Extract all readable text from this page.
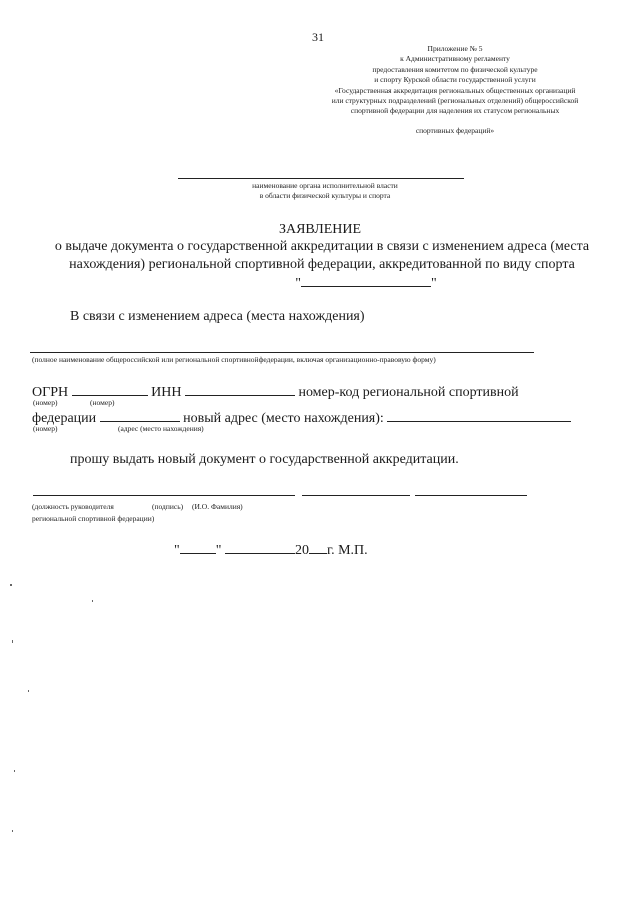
31
Приложение № 5
к Административному регламенту
предоставления комитетом по физической культуре
и спорту Курской области государственной услуги
«Государственная аккредитация региональных общественных организаций
или структурных подразделений (региональных отделений) общероссийской
спортивной федерации для наделения их статусом региональных
спортивных федераций»
наименование органа исполнительной власти
в области физической культуры и спорта
ЗАЯВЛЕНИЕ
о выдаче документа о государственной аккредитации в связи с изменением адреса (места
нахождения) региональной спортивной федерации, аккредитованной по виду спорта
"	"
В связи с изменением адреса (места нахождения)
(полное наименование общероссийской или региональной спортивнойфедерации, включая организационно-правовую форму)
ОГРН	ИНН	номер-код региональной спортивной
(номер)	(номер)
федерации	новый адрес (место нахождения):
(номер)	(адрес (место нахождения)
прошу выдать новый документ о государственной аккредитации.
(должность руководителя	(подпись) (И.О. Фамилия)
региональной спортивной федерации)
"	"	20 г. М.П.
